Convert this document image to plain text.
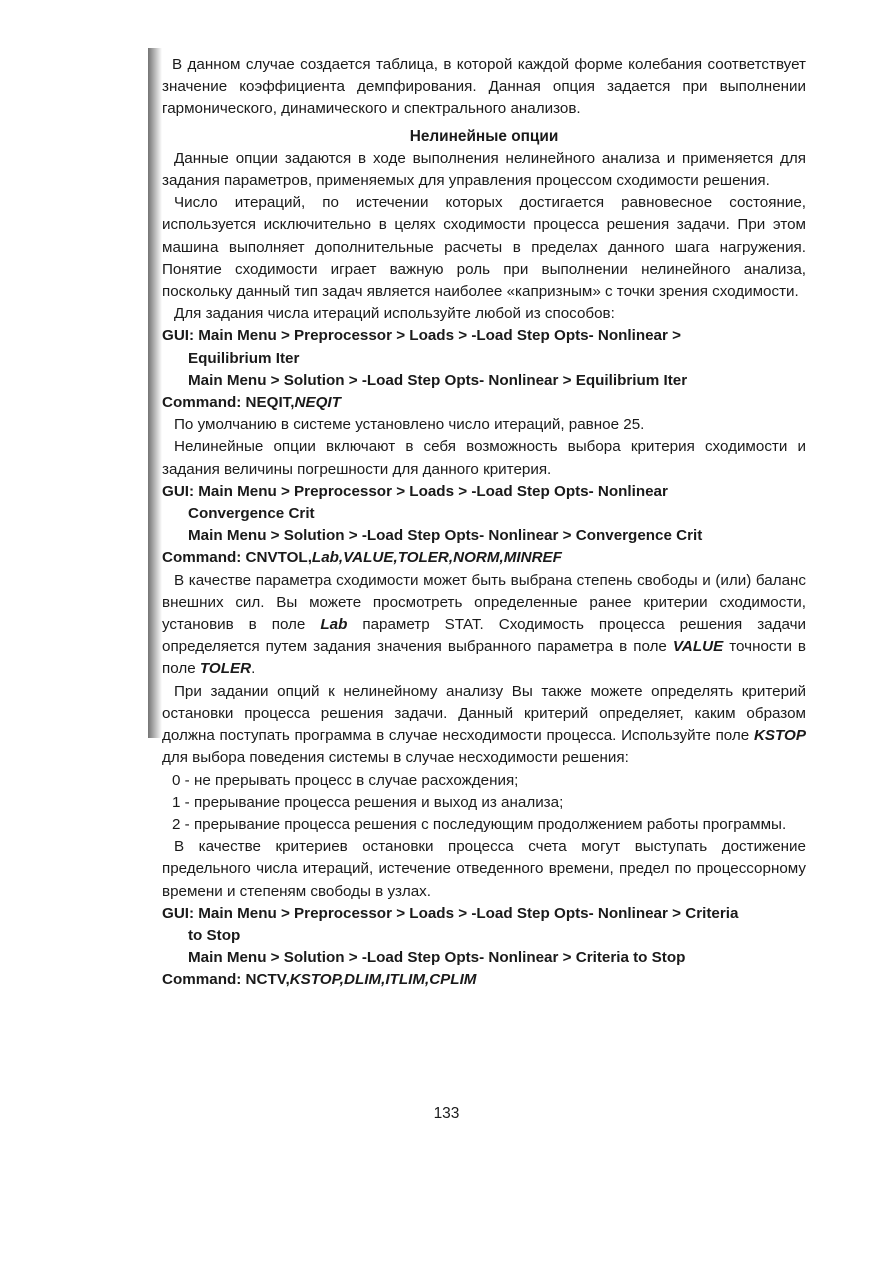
В данном случае создается таблица, в которой каждой форме колебания соответствует значение коэффициента демпфирования. Данная опция задается при выполнении гармонического, динамического и спектрального анализов.

Нелинейные опции

Данные опции задаются в ходе выполнения нелинейного анализа и применяется для задания параметров, применяемых для управления процессом сходимости решения.

Число итераций, по истечении которых достигается равновесное состояние, используется исключительно в целях сходимости процесса решения задачи. При этом машина выполняет дополнительные расчеты в пределах данного шага нагружения. Понятие сходимости играет важную роль при выполнении нелинейного анализа, поскольку данный тип задач является наиболее «капризным» с точки зрения сходимости.

Для задания числа итераций используйте любой из способов:

GUI: Main Menu > Preprocessor > Loads > -Load Step Opts- Nonlinear >
Equilibrium Iter
Main Menu > Solution > -Load Step Opts- Nonlinear > Equilibrium Iter
Command: NEQIT,NEQIT

По умолчанию в системе установлено число итераций, равное 25.

Нелинейные опции включают в себя возможность выбора критерия сходимости и задания величины погрешности для данного критерия.

GUI: Main Menu > Preprocessor > Loads > -Load Step Opts- Nonlinear
Convergence Crit
Main Menu > Solution > -Load Step Opts- Nonlinear > Convergence Crit
Command: CNVTOL,Lab,VALUE,TOLER,NORM,MINREF

В качестве параметра сходимости может быть выбрана степень свободы и (или) баланс внешних сил. Вы можете просмотреть определенные ранее критерии сходимости, установив в поле Lab параметр STAT. Сходимость процесса решения задачи определяется путем задания значения выбранного параметра в поле VALUE точности в поле TOLER.

При задании опций к нелинейному анализу Вы также можете определять критерий остановки процесса решения задачи. Данный критерий определяет, каким образом должна поступать программа в случае несходимости процесса. Используйте поле KSTOP для выбора поведения системы в случае несходимости решения:

0 - не прерывать процесс в случае расхождения;

1 - прерывание процесса решения и выход из анализа;

2 - прерывание процесса решения с последующим продолжением работы программы.

В качестве критериев остановки процесса счета могут выступать достижение предельного числа итераций, истечение отведенного времени, предел по процессорному времени и степеням свободы в узлах.

GUI: Main Menu > Preprocessor > Loads > -Load Step Opts- Nonlinear > Criteria
to Stop
Main Menu > Solution > -Load Step Opts- Nonlinear > Criteria to Stop
Command: NCTV,KSTOP,DLIM,ITLIM,CPLIM
133
